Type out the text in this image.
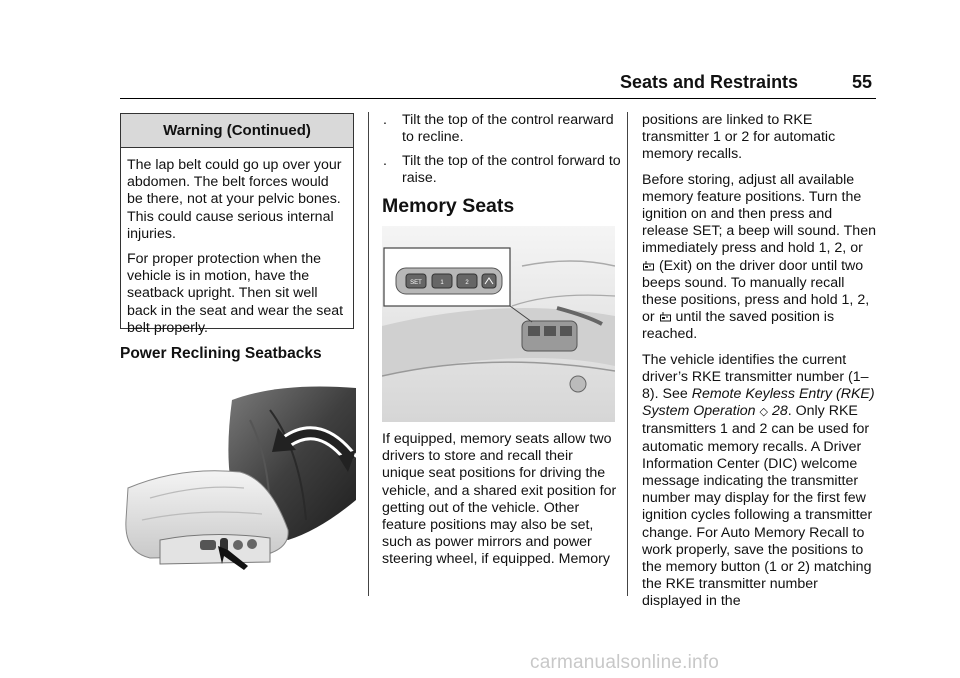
Seats and Restraints	55
Warning (Continued)

The lap belt could go up over your abdomen. The belt forces would be there, not at your pelvic bones. This could cause serious internal injuries.

For proper protection when the vehicle is in motion, have the seatback upright. Then sit well back in the seat and wear the seat belt properly.

Power Reclining Seatbacks
. Tilt the top of the control rearward to recline.
. Tilt the top of the control forward to raise.
Memory Seats
SET	1	2
If equipped, memory seats allow two drivers to store and recall their unique seat positions for driving the vehicle, and a shared exit position for getting out of the vehicle. Other feature positions may also be set, such as power mirrors and power steering wheel, if equipped. Memory

positions are linked to RKE transmitter 1 or 2 for automatic memory recalls.

Before storing, adjust all available memory feature positions. Turn the ignition on and then press and release SET; a beep will sound. Then immediately press and hold 1, 2, or  (Exit) on the driver door until two beeps sound. To manually recall these positions, press and hold 1, 2, or until the saved position is reached.

The vehicle identifies the current driver’s RKE transmitter number (1–8). See Remote Keyless Entry (RKE) System Operation ◇ 28. Only RKE transmitters 1 and 2 can be used for automatic memory recalls. A Driver Information Center (DIC) welcome message indicating the transmitter number may display for the first few ignition cycles following a transmitter change. For Auto Memory Recall to work properly, save the positions to the memory button (1 or 2) matching the RKE transmitter number displayed in the

carmanualsonline.info
